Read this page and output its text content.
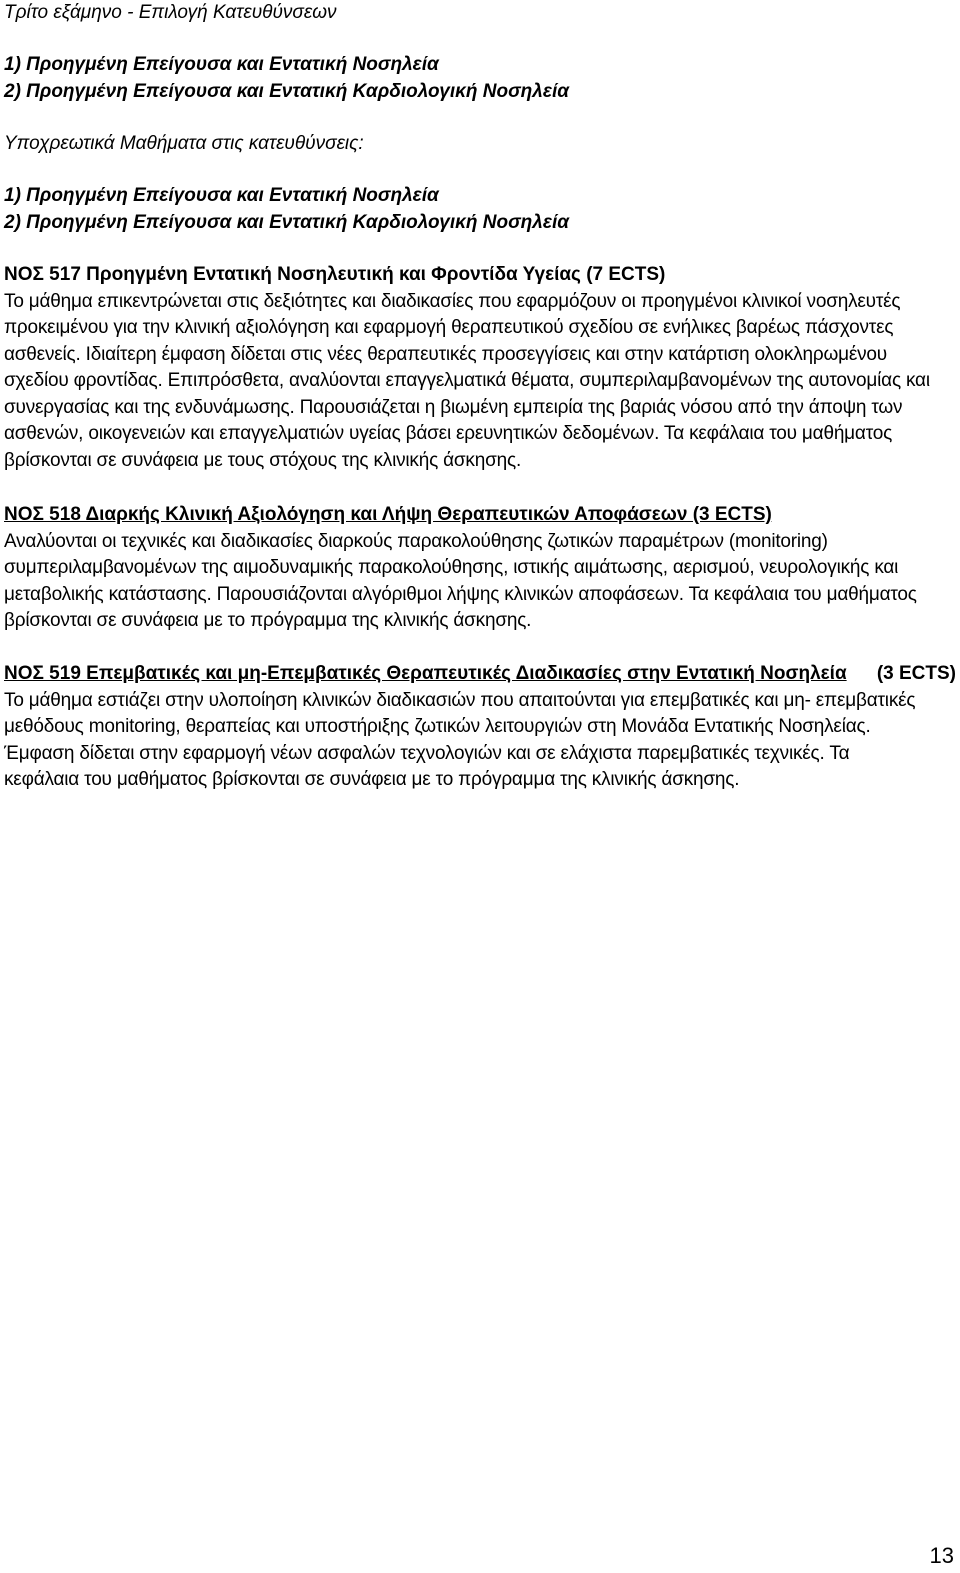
Τρίτο εξάμηνο - Επιλογή Κατευθύνσεων
1) Προηγμένη Επείγουσα και Εντατική Νοσηλεία
2) Προηγμένη Επείγουσα και Εντατική Καρδιολογική Νοσηλεία
Υποχρεωτικά Μαθήματα στις κατευθύνσεις:
1) Προηγμένη Επείγουσα και Εντατική Νοσηλεία
2) Προηγμένη Επείγουσα και Εντατική Καρδιολογική Νοσηλεία
ΝΟΣ 517 Προηγμένη Εντατική Νοσηλευτική και Φροντίδα Υγείας (7 ECTS)
Το μάθημα επικεντρώνεται στις δεξιότητες και διαδικασίες που εφαρμόζουν οι προηγμένοι κλινικοί νοσηλευτές
προκειμένου για την κλινική αξιολόγηση και εφαρμογή θεραπευτικού σχεδίου σε ενήλικες βαρέως πάσχοντες
ασθενείς. Ιδιαίτερη έμφαση δίδεται στις νέες θεραπευτικές προσεγγίσεις και στην κατάρτιση ολοκληρωμένου
σχεδίου φροντίδας. Επιπρόσθετα, αναλύονται επαγγελματικά θέματα, συμπεριλαμβανομένων της αυτονομίας και
συνεργασίας και της ενδυνάμωσης. Παρουσιάζεται η βιωμένη εμπειρία της βαριάς νόσου από την άποψη των
ασθενών, οικογενειών και επαγγελματιών υγείας βάσει ερευνητικών δεδομένων. Τα κεφάλαια του μαθήματος
βρίσκονται σε συνάφεια με τους στόχους της κλινικής άσκησης.
ΝΟΣ 518 Διαρκής Κλινική Αξιολόγηση και Λήψη Θεραπευτικών Αποφάσεων (3 ECTS)
Αναλύονται οι τεχνικές και διαδικασίες διαρκούς παρακολούθησης ζωτικών παραμέτρων (monitoring)
συμπεριλαμβανομένων της αιμοδυναμικής παρακολούθησης, ιστικής αιμάτωσης, αερισμού, νευρολογικής και
μεταβολικής κατάστασης. Παρουσιάζονται αλγόριθμοι λήψης κλινικών αποφάσεων. Τα κεφάλαια του μαθήματος
βρίσκονται σε συνάφεια με το πρόγραμμα της κλινικής άσκησης.
ΝΟΣ 519 Επεμβατικές και μη-Επεμβατικές Θεραπευτικές Διαδικασίες στην Εντατική Νοσηλεία (3 ECTS)
Το μάθημα εστιάζει στην υλοποίηση κλινικών διαδικασιών που απαιτούνται για επεμβατικές και μη- επεμβατικές
μεθόδους monitoring, θεραπείας και υποστήριξης ζωτικών λειτουργιών στη Μονάδα Εντατικής Νοσηλείας.
Έμφαση δίδεται στην εφαρμογή νέων ασφαλών τεχνολογιών και σε ελάχιστα παρεμβατικές τεχνικές. Τα
κεφάλαια του μαθήματος βρίσκονται σε συνάφεια με το πρόγραμμα της κλινικής άσκησης.
13
